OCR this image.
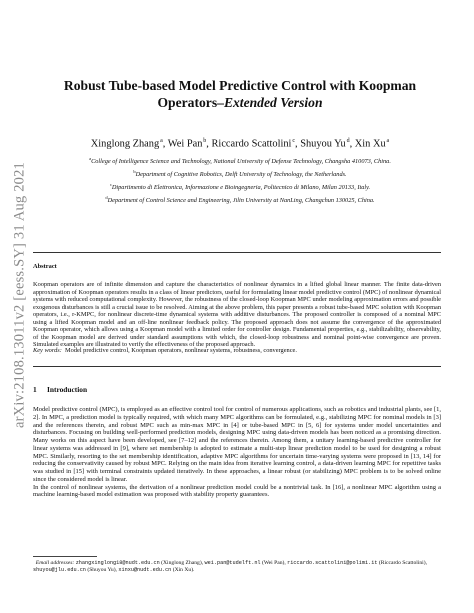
arXiv:2108.13011v2 [eess.SY] 31 Aug 2021
Robust Tube-based Model Predictive Control with Koopman
Operators–Extended Version
Xinglong Zhang $^a$, Wei Pan $^b$, Riccardo Scattolini $^c$, Shuyou Yu $^d$, Xin Xu $^a$
$^a$College of Intelligence Science and Technology, National University of Defense Technology, Changsha 410073, China.
$^b$Department of Cognitive Robotics, Delft University of Technology, the Netherlands.
$^c$Dipartimento di Elettronica, Informazione e Bioingegneria, Politecnico di Milano, Milan 20133, Italy.
$^d$Department of Control Science and Engineering, Jilin University at NanLing, Changchun 130025, China.
Abstract
Koopman operators are of infinite dimension and capture the characteristics of nonlinear dynamics in a lifted global linear manner. The finite data-driven approximation of Koopman operators results in a class of linear predictors, useful for formulating linear model predictive control (MPC) of nonlinear dynamical systems with reduced computational complexity. However, the robustness of the closed-loop Koopman MPC under modeling approximation errors and possible exogenous disturbances is still a crucial issue to be resolved. Aiming at the above problem, this paper presents a robust tube-based MPC solution with Koopman operators, i.e., r-KMPC, for nonlinear discrete-time dynamical systems with additive disturbances. The proposed controller is composed of a nominal MPC using a lifted Koopman model and an off-line nonlinear feedback policy. The proposed approach does not assume the convergence of the approximated Koopman operator, which allows using a Koopman model with a limited order for controller design. Fundamental properties, e.g., stabilizability, observability, of the Koopman model are derived under standard assumptions with which, the closed-loop robustness and nominal point-wise convergence are proven. Simulated examples are illustrated to verify the effectiveness of the proposed approach.
Key words: Model predictive control, Koopman operators, nonlinear systems, robustness, convergence.
1 Introduction
Model predictive control (MPC), is employed as an effective control tool for control of numerous applications, such as robotics and industrial plants, see [1, 2]. In MPC, a prediction model is typically required, with which many MPC algorithms can be formulated, e.g., stabilizing MPC for nominal models in [3] and the references therein, and robust MPC such as min-max MPC in [4] or tube-based MPC in [5, 6] for systems under model uncertainties and disturbances. Focusing on building well-performed prediction models, designing MPC using data-driven models has been noticed as a promising direction. Many works on this aspect have been developed, see [7–12] and the references therein. Among them, a unitary learning-based predictive controller for linear systems was addressed in [9], where set membership is adopted to estimate a multi-step linear prediction model to be used for designing a robust MPC. Similarly, resorting to the set membership identification, adaptive MPC algorithms for uncertain time-varying systems were proposed in [13, 14] for reducing the conservativity caused by robust MPC. Relying on the main idea from iterative learning control, a data-driven learning MPC for repetitive tasks was studied in [15] with terminal constraints updated iteratively. In these approaches, a linear robust (or stabilizing) MPC problem is to be solved online since the considered model is linear.
In the control of nonlinear systems, the derivation of a nonlinear prediction model could be a nontrivial task. In [16], a nonlinear MPC algorithm using a machine learning-based model estimation was proposed with stability property guarantees.
Email addresses: zhangxinglong18@nudt.edu.cn (Xinglong Zhang), wei.pan@tudelft.nl (Wei Pan), riccardo.scattolini@polimi.it (Riccardo Scattolini), shuyou@jlu.edu.cn (Shuyou Yu), xinxu@nudt.edu.cn (Xin Xu).
